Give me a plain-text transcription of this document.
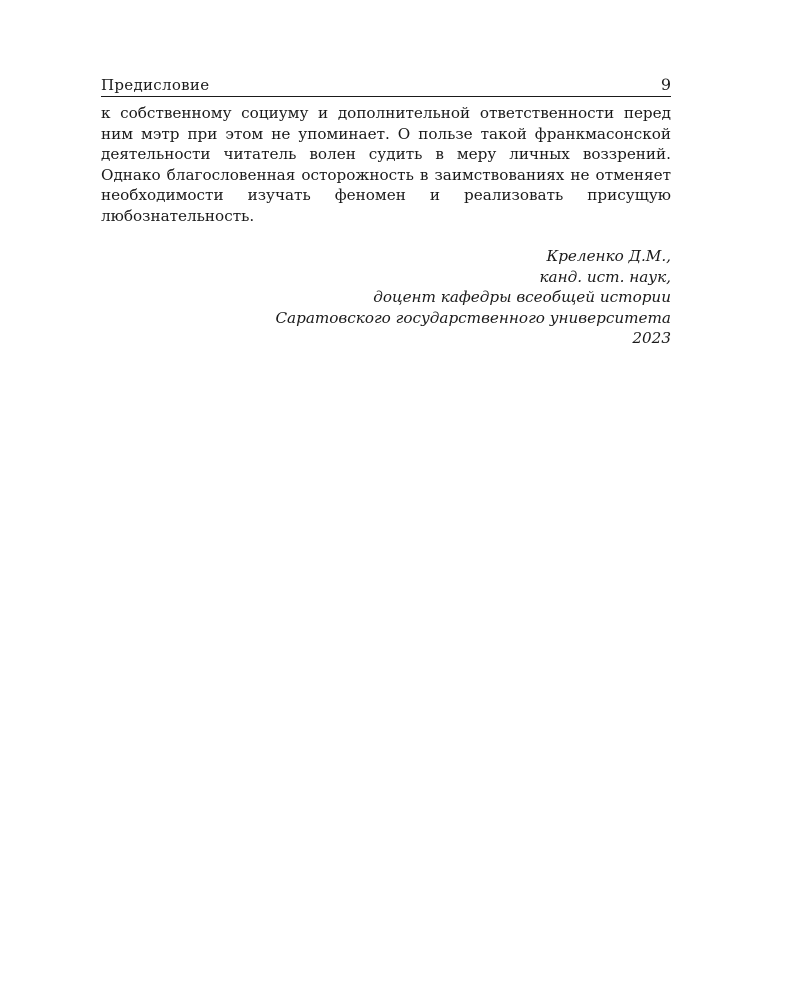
Предисловие	9
к собственному социуму и дополнительной ответственности перед ним мэтр при этом не упоминает. О пользе такой франкмасонской деятельности читатель волен судить в меру личных воззрений. Однако благословенная осторожность в заимствованиях не отменяет необходимости изучать феномен и реализовать присущую любознательность.
Креленко Д.М.,
канд. ист. наук,
доцент кафедры всеобщей истории
Саратовского государственного университета
2023
